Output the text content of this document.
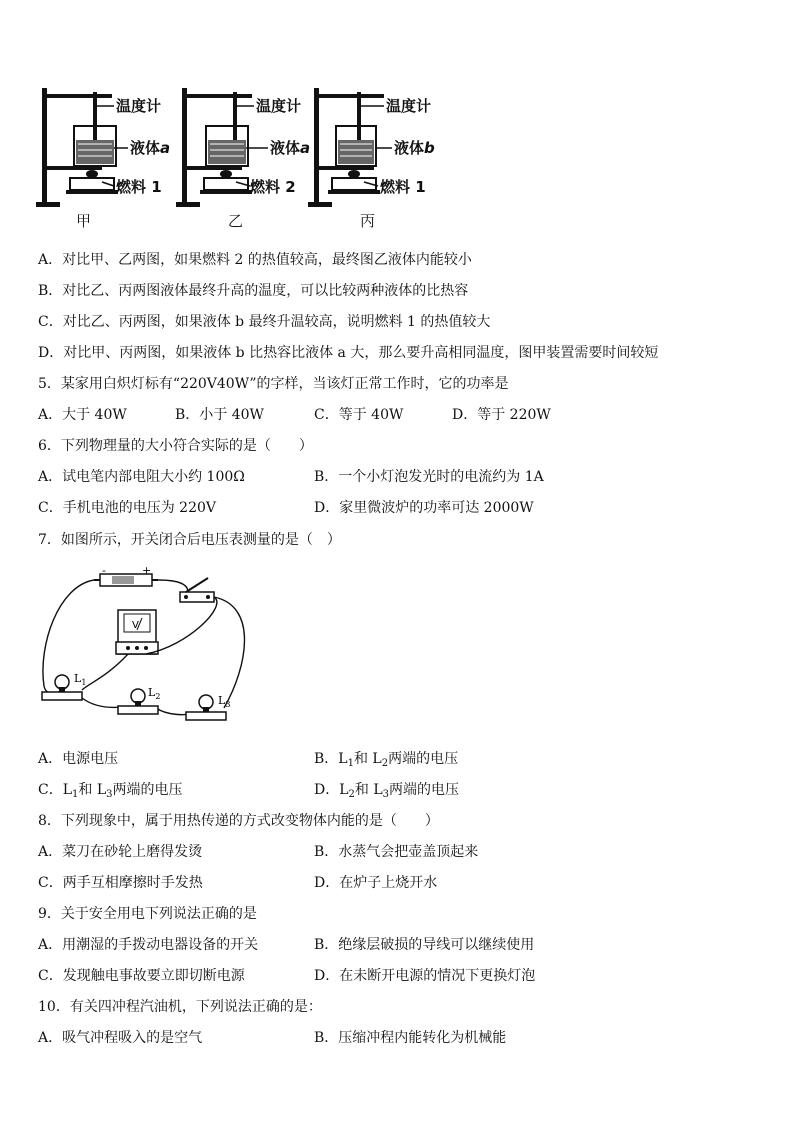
温度计
液体a
燃料 1
甲
温度计
液体a
燃料 2
乙
温度计
液体b
燃料 1
丙
A．对比甲、乙两图，如果燃料 2 的热值较高，最终图乙液体内能较小
B．对比乙、丙两图液体最终升高的温度，可以比较两种液体的比热容
C．对比乙、丙两图，如果液体 b 最终升温较高，说明燃料 1 的热值较大
D．对比甲、丙两图，如果液体 b 比热容比液体 a 大，那么要升高相同温度，图甲装置需要时间较短
5．某家用白炽灯标有“220V40W”的字样，当该灯正常工作时，它的功率是
A．大于 40W	B．小于 40W	C．等于 40W	D．等于 220W
6．下列物理量的大小符合实际的是（　　）
A．试电笔内部电阻大小约 100Ω	B．一个小灯泡发光时的电流约为 1A
C．手机电池的电压为 220V	D．家里微波炉的功率可达 2000W
7．如图所示，开关闭合后电压表测量的是（　）
-	+
V
$L_1$
$L_2$	$L_3$
A．电源电压	B．$L_1$和 $L_2$两端的电压
C．$L_1$和 $L_3$两端的电压	D．$L_2$和 $L_3$两端的电压
8．下列现象中，属于用热传递的方式改变物体内能的是（　　）
A．菜刀在砂轮上磨得发烫	B．水蒸气会把壶盖顶起来
C．两手互相摩擦时手发热	D．在炉子上烧开水
9．关于安全用电下列说法正确的是
A．用潮湿的手拨动电器设备的开关	B．绝缘层破损的导线可以继续使用
C．发现触电事故要立即切断电源	D．在未断开电源的情况下更换灯泡
10．有关四冲程汽油机，下列说法正确的是：
A．吸气冲程吸入的是空气	B．压缩冲程内能转化为机械能
